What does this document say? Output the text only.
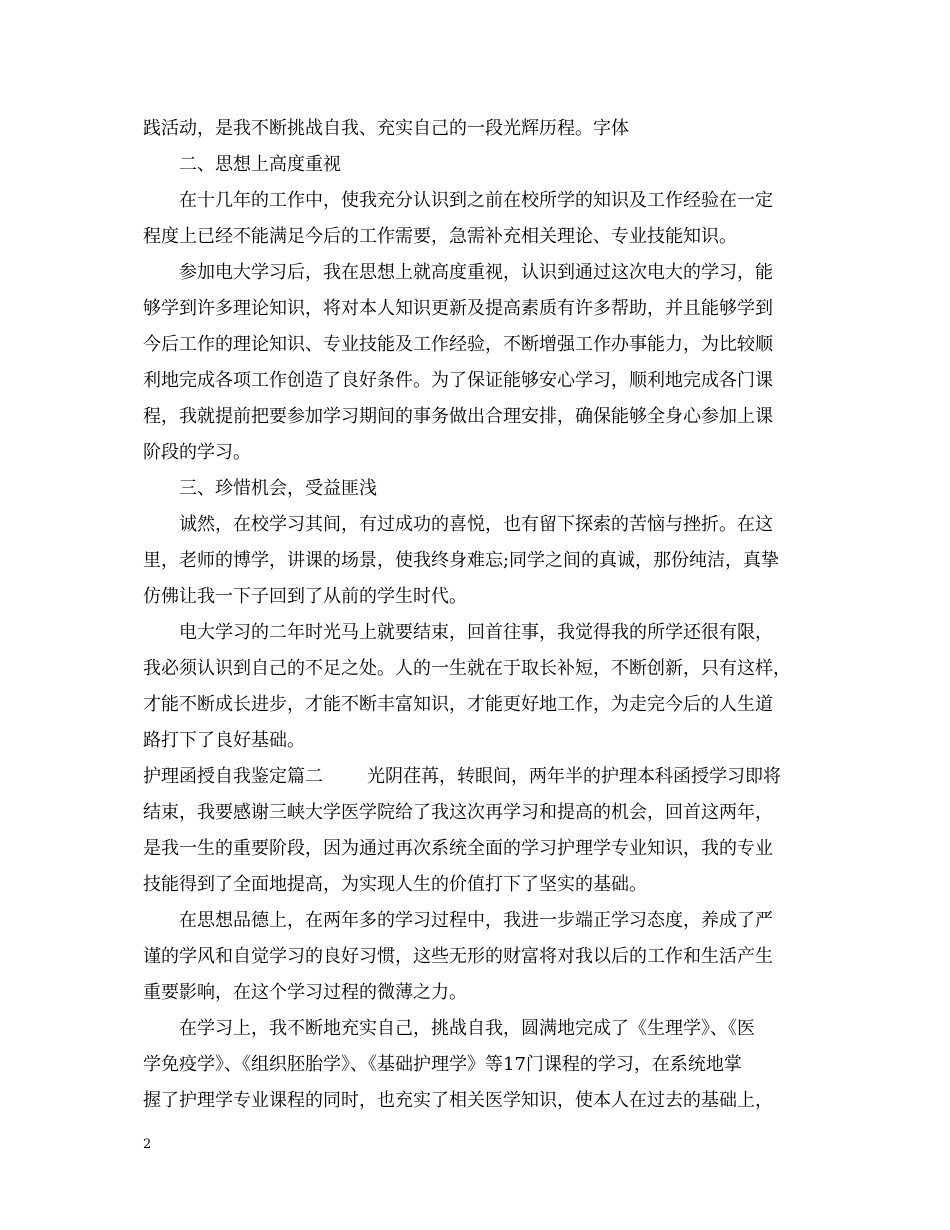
践活动，是我不断挑战自我、充实自己的一段光辉历程。字体
二、思想上高度重视
在十几年的工作中，使我充分认识到之前在校所学的知识及工作经验在一定
程度上已经不能满足今后的工作需要，急需补充相关理论、专业技能知识。
参加电大学习后，我在思想上就高度重视，认识到通过这次电大的学习，能
够学到许多理论知识，将对本人知识更新及提高素质有许多帮助，并且能够学到
今后工作的理论知识、专业技能及工作经验，不断增强工作办事能力，为比较顺
利地完成各项工作创造了良好条件。为了保证能够安心学习，顺利地完成各门课
程，我就提前把要参加学习期间的事务做出合理安排，确保能够全身心参加上课
阶段的学习。
三、珍惜机会，受益匪浅
诚然，在校学习其间，有过成功的喜悦，也有留下探索的苦恼与挫折。在这
里，老师的博学，讲课的场景，使我终身难忘;同学之间的真诚，那份纯洁，真挚
仿佛让我一下子回到了从前的学生时代。
电大学习的二年时光马上就要结束，回首往事，我觉得我的所学还很有限，
我必须认识到自己的不足之处。人的一生就在于取长补短，不断创新，只有这样，
才能不断成长进步，才能不断丰富知识，才能更好地工作，为走完今后的人生道
路打下了良好基础。
护理函授自我鉴定篇二 光阴荏苒，转眼间，两年半的护理本科函授学习即将
结束，我要感谢三峡大学医学院给了我这次再学习和提高的机会，回首这两年，
是我一生的重要阶段，因为通过再次系统全面的学习护理学专业知识，我的专业
技能得到了全面地提高，为实现人生的价值打下了坚实的基础。
在思想品德上，在两年多的学习过程中，我进一步端正学习态度，养成了严
谨的学风和自觉学习的良好习惯，这些无形的财富将对我以后的工作和生活产生
重要影响，在这个学习过程的微薄之力。
在学习上，我不断地充实自己，挑战自我，圆满地完成了《生理学》、《医
学免疫学》、《组织胚胎学》、《基础护理学》等17门课程的学习，在系统地掌
握了护理学专业课程的同时，也充实了相关医学知识，使本人在过去的基础上，
2
